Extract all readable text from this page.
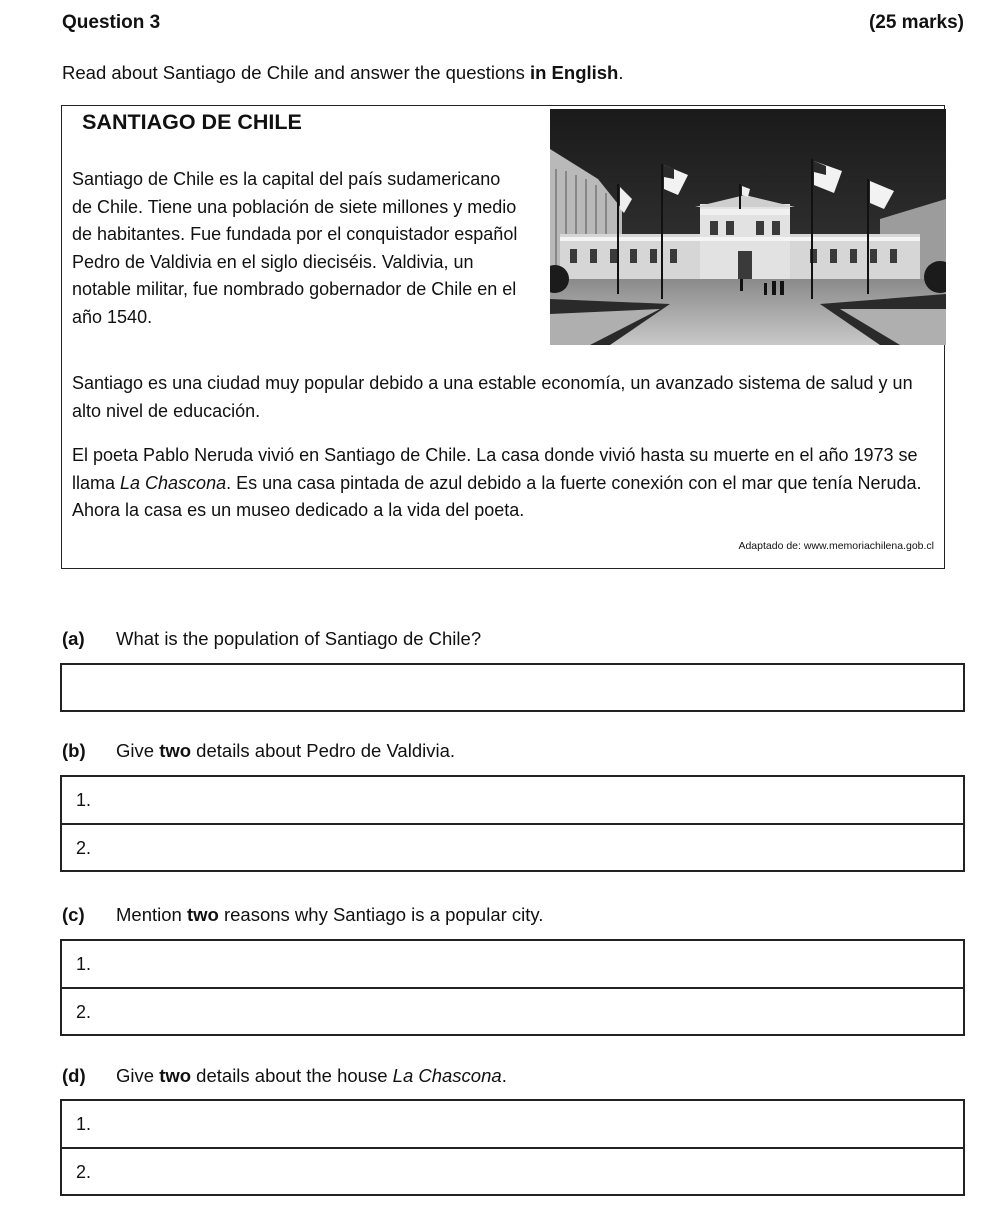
Question 3	(25 marks)
Read about Santiago de Chile and answer the questions in English.
SANTIAGO DE CHILE
Santiago de Chile es la capital del país sudamericano de Chile. Tiene una población de siete millones y medio de habitantes. Fue fundada por el conquistador español Pedro de Valdivia en el siglo dieciséis. Valdivia, un notable militar, fue nombrado gobernador de Chile en el año 1540.
Santiago es una ciudad muy popular debido a una estable economía, un avanzado sistema de salud y un alto nivel de educación.
El poeta Pablo Neruda vivió en Santiago de Chile. La casa donde vivió hasta su muerte en el año 1973 se llama La Chascona. Es una casa pintada de azul debido a la fuerte conexión con el mar que tenía Neruda. Ahora la casa es un museo dedicado a la vida del poeta.
Adaptado de: www.memoriachilena.gob.cl
(a) What is the population of Santiago de Chile?
(b) Give two details about Pedro de Valdivia.
1.
2.
(c) Mention two reasons why Santiago is a popular city.
1.
2.
(d) Give two details about the house La Chascona.
1.
2.
